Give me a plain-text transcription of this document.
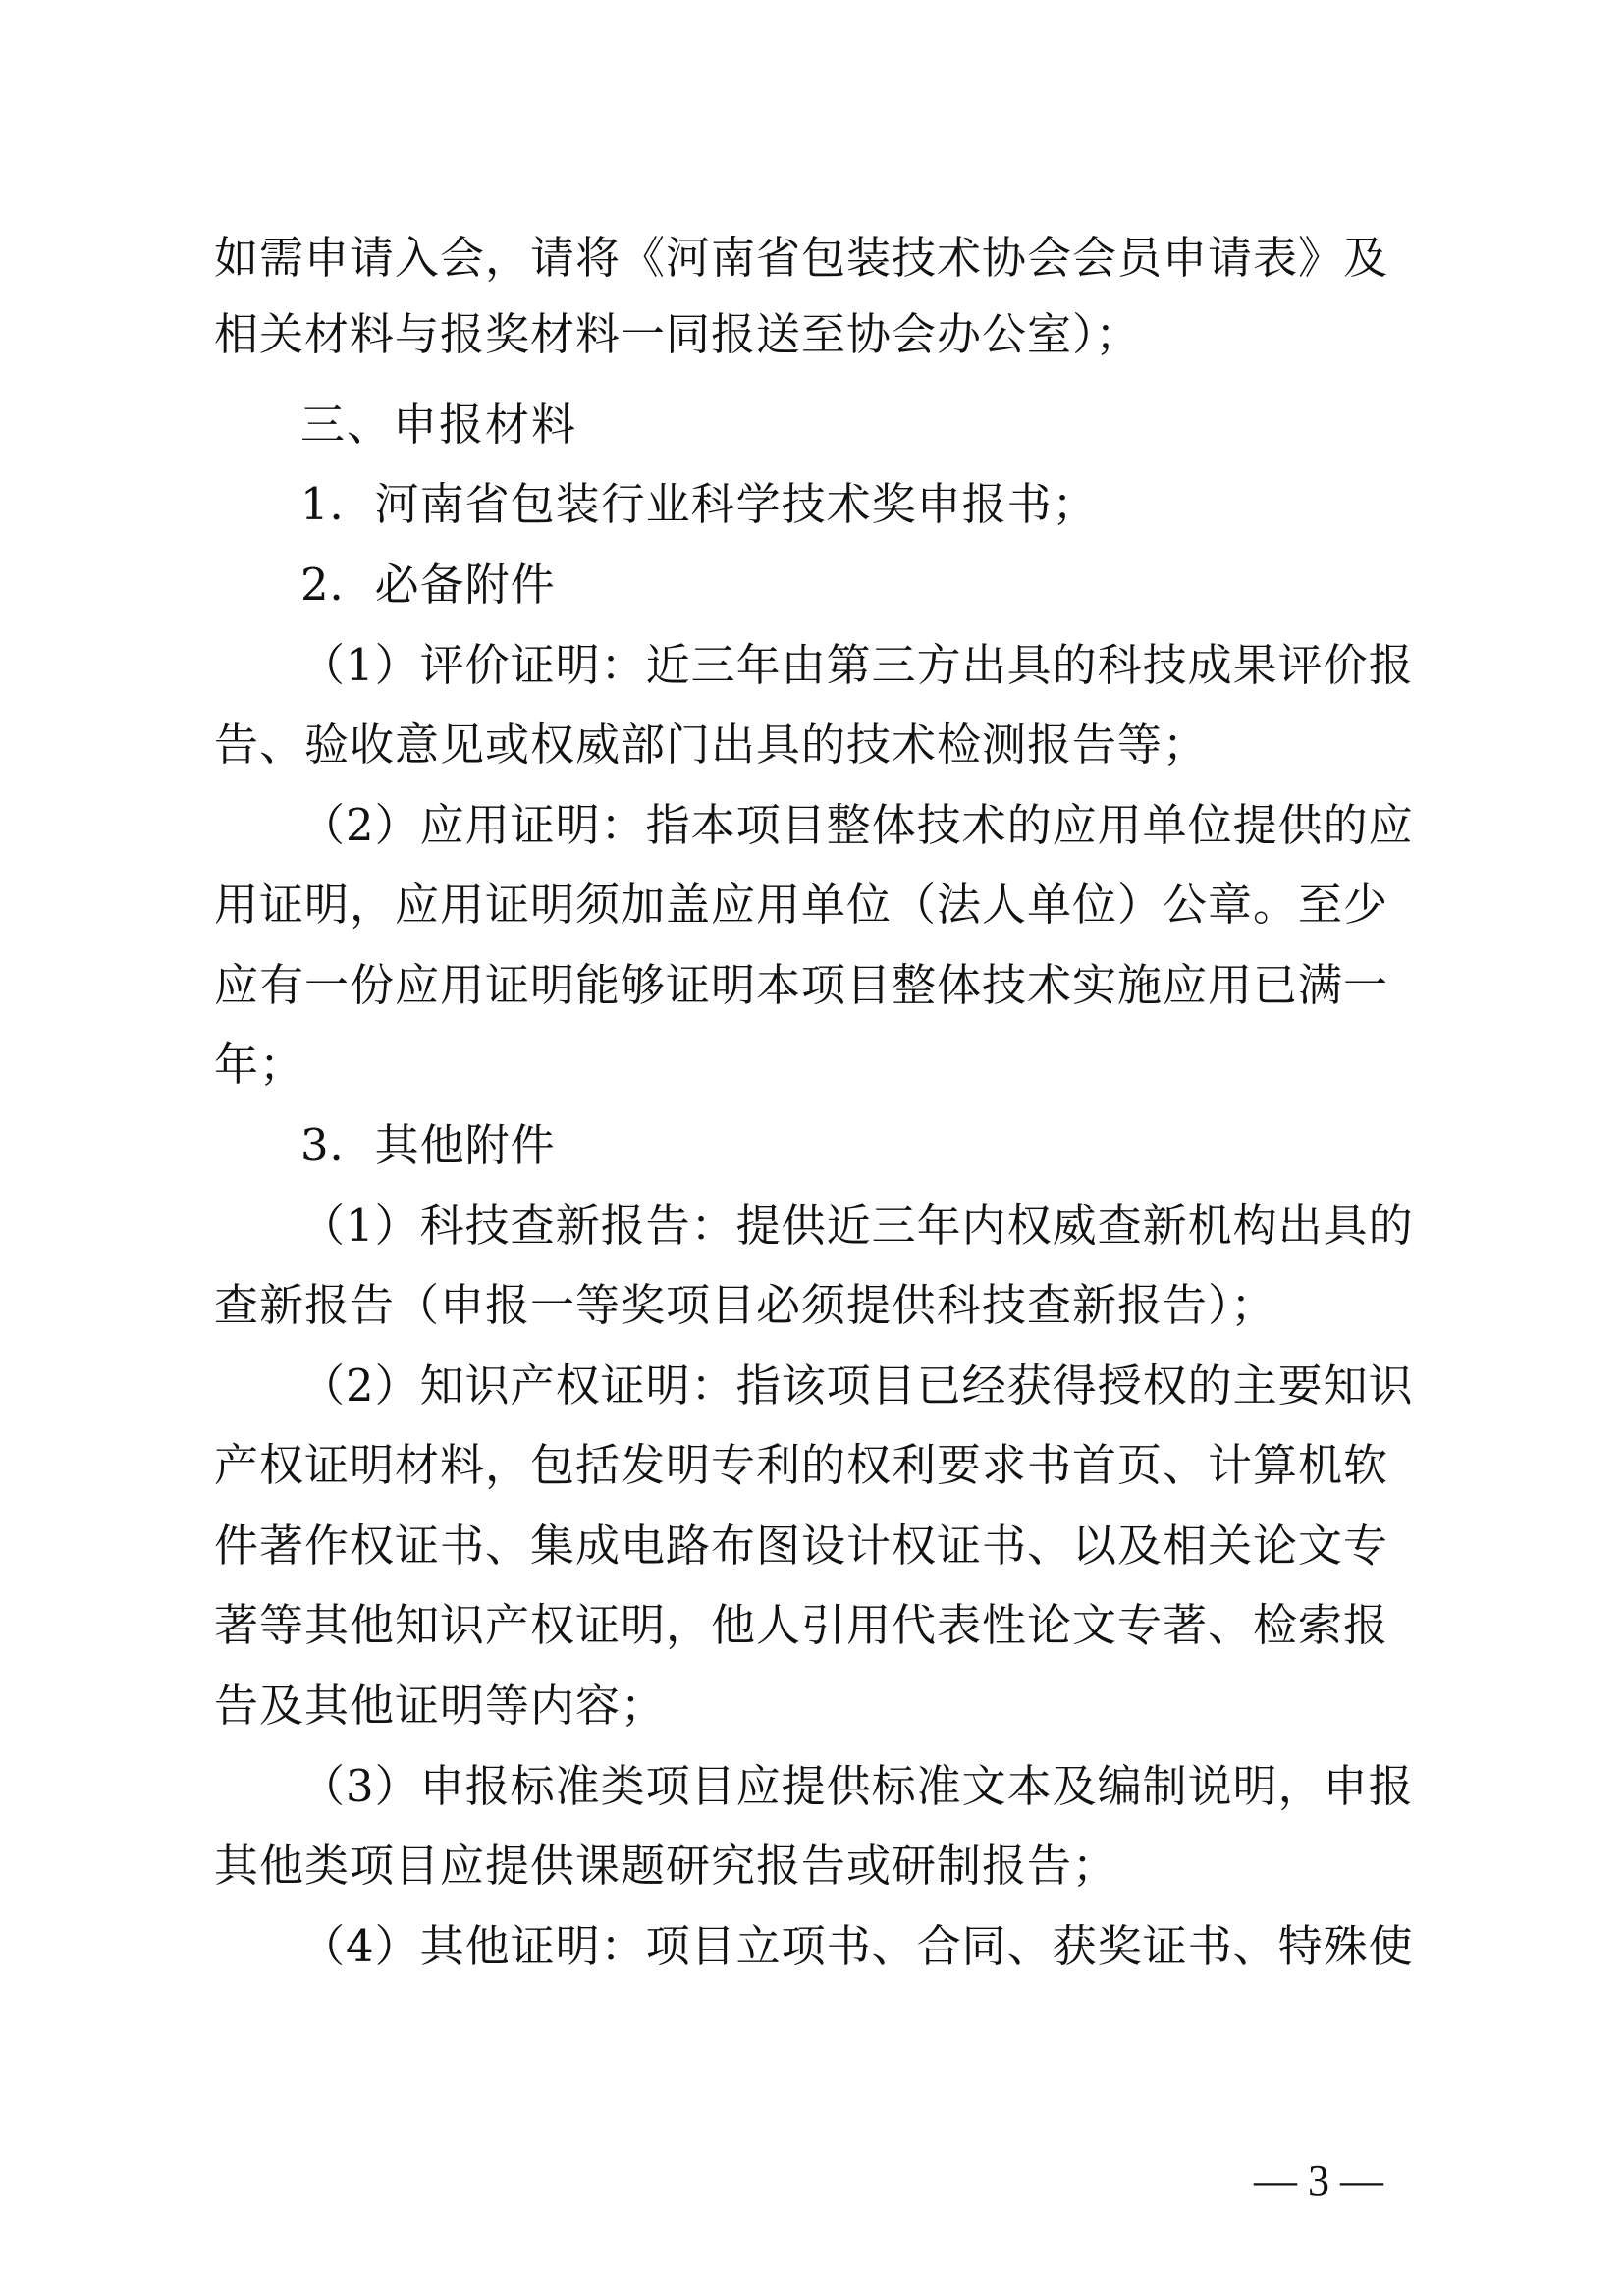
如需申请入会，请将《河南省包装技术协会会员申请表》及
相关材料与报奖材料一同报送至协会办公室）；
三、申报材料
1．河南省包装行业科学技术奖申报书；
2．必备附件
（1）评价证明：近三年由第三方出具的科技成果评价报
告、验收意见或权威部门出具的技术检测报告等；
（2）应用证明：指本项目整体技术的应用单位提供的应
用证明，应用证明须加盖应用单位（法人单位）公章。至少
应有一份应用证明能够证明本项目整体技术实施应用已满一
年；
3．其他附件
（1）科技查新报告：提供近三年内权威查新机构出具的
查新报告（申报一等奖项目必须提供科技查新报告）；
（2）知识产权证明：指该项目已经获得授权的主要知识
产权证明材料，包括发明专利的权利要求书首页、计算机软
件著作权证书、集成电路布图设计权证书、以及相关论文专
著等其他知识产权证明，他人引用代表性论文专著、检索报
告及其他证明等内容；
（3）申报标准类项目应提供标准文本及编制说明，申报
其他类项目应提供课题研究报告或研制报告；
（4）其他证明：项目立项书、合同、获奖证书、特殊使
— 3 —
